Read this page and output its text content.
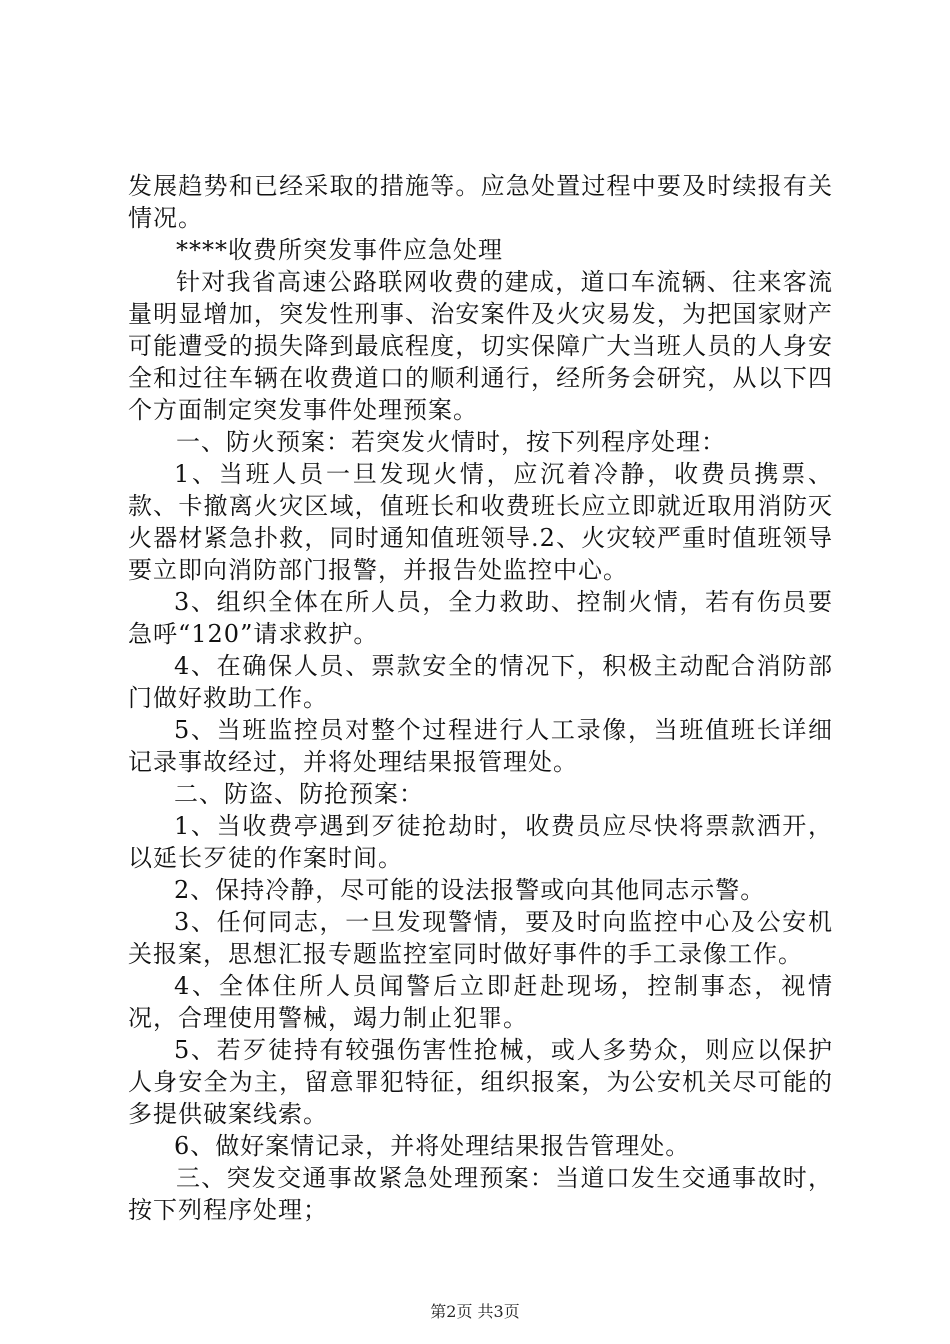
发展趋势和已经采取的措施等。应急处置过程中要及时续报有关情况。

****收费所突发事件应急处理

针对我省高速公路联网收费的建成，道口车流辆、往来客流量明显增加，突发性刑事、治安案件及火灾易发，为把国家财产可能遭受的损失降到最底程度，切实保障广大当班人员的人身安全和过往车辆在收费道口的顺利通行，经所务会研究，从以下四个方面制定突发事件处理预案。

一、防火预案：若突发火情时，按下列程序处理：

1、当班人员一旦发现火情，应沉着冷静，收费员携票、款、卡撤离火灾区域，值班长和收费班长应立即就近取用消防灭火器材紧急扑救，同时通知值班领导.2、火灾较严重时值班领导要立即向消防部门报警，并报告处监控中心。

3、组织全体在所人员，全力救助、控制火情，若有伤员要急呼“120”请求救护。

4、在确保人员、票款安全的情况下，积极主动配合消防部门做好救助工作。

5、当班监控员对整个过程进行人工录像，当班值班长详细记录事故经过，并将处理结果报管理处。

二、防盗、防抢预案：

1、当收费亭遇到歹徒抢劫时，收费员应尽快将票款洒开，以延长歹徒的作案时间。

2、保持冷静，尽可能的设法报警或向其他同志示警。

3、任何同志，一旦发现警情，要及时向监控中心及公安机关报案，思想汇报专题监控室同时做好事件的手工录像工作。

4、全体住所人员闻警后立即赶赴现场，控制事态，视情况，合理使用警械，竭力制止犯罪。

5、若歹徒持有较强伤害性抢械，或人多势众，则应以保护人身安全为主，留意罪犯特征，组织报案，为公安机关尽可能的多提供破案线索。

6、做好案情记录，并将处理结果报告管理处。

三、突发交通事故紧急处理预案：当道口发生交通事故时，按下列程序处理；

第2页 共3页
